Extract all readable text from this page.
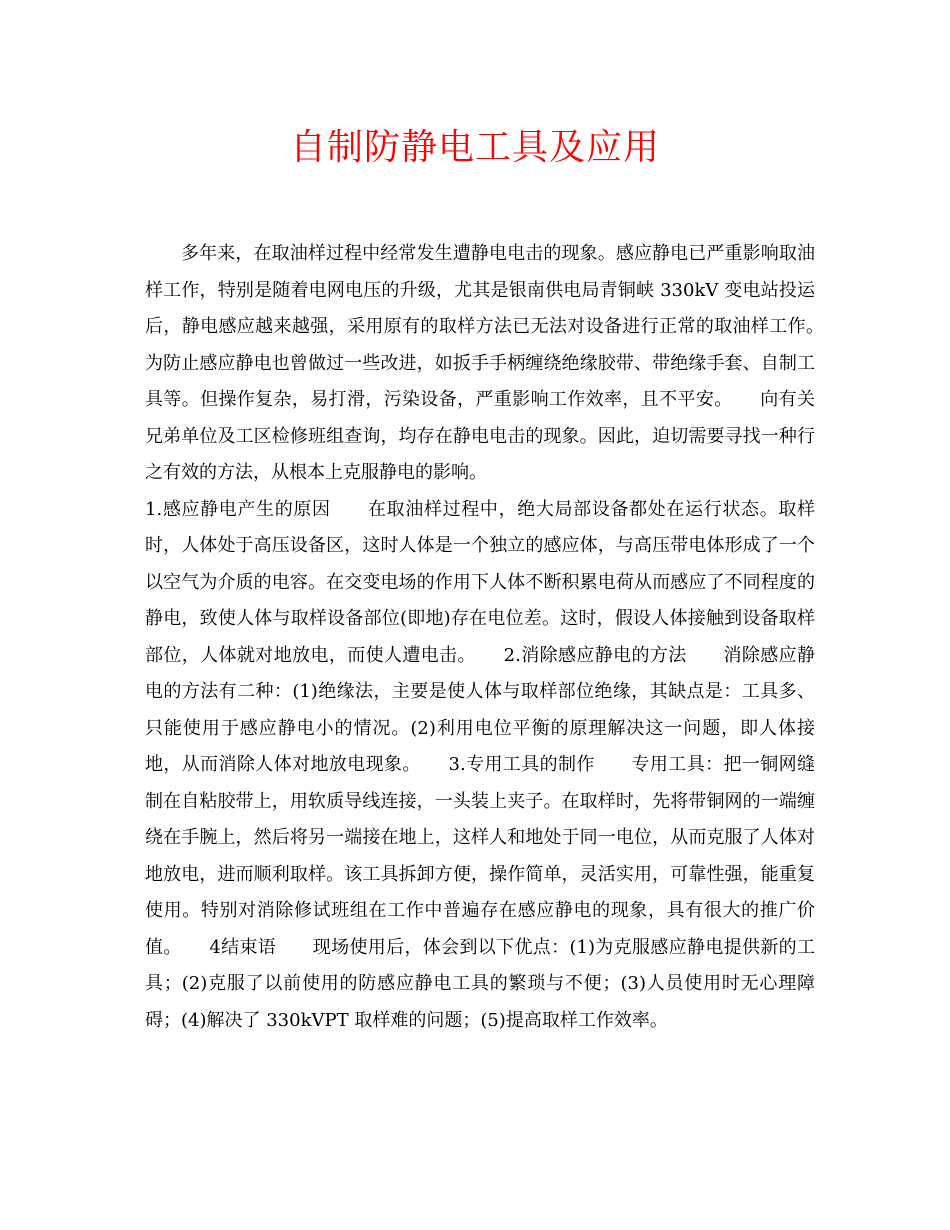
自制防静电工具及应用

多年来，在取油样过程中经常发生遭静电电击的现象。感应静电已严重影响取油样工作，特别是随着电网电压的升级，尤其是银南供电局青铜峡 330kV 变电站投运后，静电感应越来越强，采用原有的取样方法已无法对设备进行正常的取油样工作。　　为防止感应静电也曾做过一些改进，如扳手手柄缠绕绝缘胶带、带绝缘手套、自制工具等。但操作复杂，易打滑，污染设备，严重影响工作效率，且不平安。　　向有关兄弟单位及工区检修班组查询，均存在静电电击的现象。因此，迫切需要寻找一种行之有效的方法，从根本上克服静电的影响。

1.感应静电产生的原因　　在取油样过程中，绝大局部设备都处在运行状态。取样时，人体处于高压设备区，这时人体是一个独立的感应体，与高压带电体形成了一个以空气为介质的电容。在交变电场的作用下人体不断积累电荷从而感应了不同程度的静电，致使人体与取样设备部位(即地)存在电位差。这时，假设人体接触到设备取样部位，人体就对地放电，而使人遭电击。　　2.消除感应静电的方法　　消除感应静电的方法有二种：(1)绝缘法，主要是使人体与取样部位绝缘，其缺点是：工具多、只能使用于感应静电小的情况。(2)利用电位平衡的原理解决这一问题，即人体接地，从而消除人体对地放电现象。　　3.专用工具的制作　　专用工具：把一铜网缝制在自粘胶带上，用软质导线连接，一头装上夹子。在取样时，先将带铜网的一端缠绕在手腕上，然后将另一端接在地上，这样人和地处于同一电位，从而克服了人体对地放电，进而顺利取样。该工具拆卸方便，操作简单，灵活实用，可靠性强，能重复使用。特别对消除修试班组在工作中普遍存在感应静电的现象，具有很大的推广价值。　　4结束语　　现场使用后，体会到以下优点：(1)为克服感应静电提供新的工具；(2)克服了以前使用的防感应静电工具的繁琐与不便；(3)人员使用时无心理障碍；(4)解决了 330kVPT 取样难的问题；(5)提高取样工作效率。
